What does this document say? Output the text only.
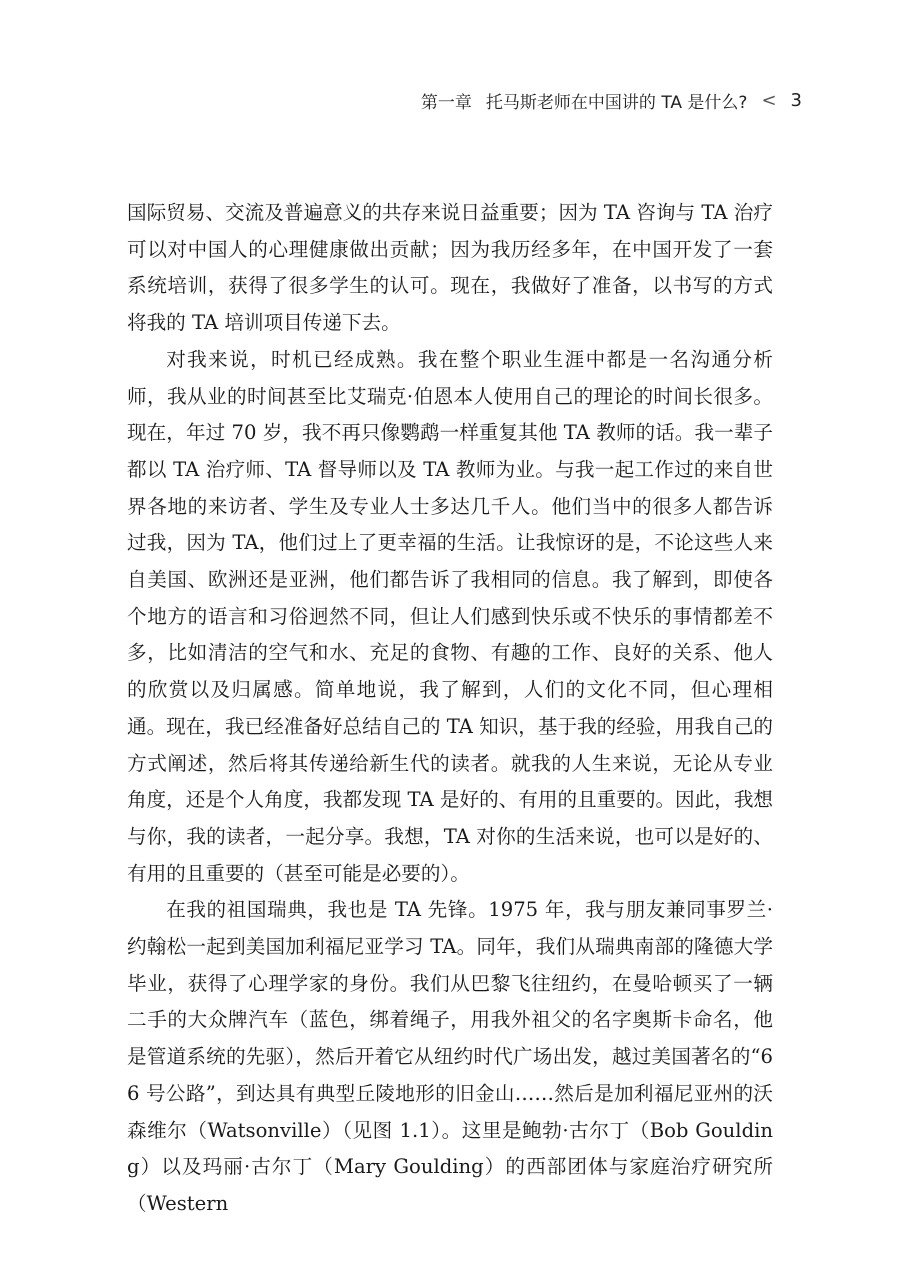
第一章 托马斯老师在中国讲的 TA 是什么? < 3

国际贸易、交流及普遍意义的共存来说日益重要；因为 TA 咨询与 TA 治疗可以对中国人的心理健康做出贡献；因为我历经多年，在中国开发了一套系统培训，获得了很多学生的认可。现在，我做好了准备，以书写的方式将我的 TA 培训项目传递下去。

对我来说，时机已经成熟。我在整个职业生涯中都是一名沟通分析师，我从业的时间甚至比艾瑞克·伯恩本人使用自己的理论的时间长很多。现在，年过 70 岁，我不再只像鹦鹉一样重复其他 TA 教师的话。我一辈子都以 TA 治疗师、TA 督导师以及 TA 教师为业。与我一起工作过的来自世界各地的来访者、学生及专业人士多达几千人。他们当中的很多人都告诉过我，因为 TA，他们过上了更幸福的生活。让我惊讶的是，不论这些人来自美国、欧洲还是亚洲，他们都告诉了我相同的信息。我了解到，即使各个地方的语言和习俗迥然不同，但让人们感到快乐或不快乐的事情都差不多，比如清洁的空气和水、充足的食物、有趣的工作、良好的关系、他人的欣赏以及归属感。简单地说，我了解到，人们的文化不同，但心理相通。现在，我已经准备好总结自己的 TA 知识，基于我的经验，用我自己的方式阐述，然后将其传递给新生代的读者。就我的人生来说，无论从专业角度，还是个人角度，我都发现 TA 是好的、有用的且重要的。因此，我想与你，我的读者，一起分享。我想，TA 对你的生活来说，也可以是好的、有用的且重要的（甚至可能是必要的）。

在我的祖国瑞典，我也是 TA 先锋。1975 年，我与朋友兼同事罗兰·约翰松一起到美国加利福尼亚学习 TA。同年，我们从瑞典南部的隆德大学毕业，获得了心理学家的身份。我们从巴黎飞往纽约，在曼哈顿买了一辆二手的大众牌汽车（蓝色，绑着绳子，用我外祖父的名字奥斯卡命名，他是管道系统的先驱），然后开着它从纽约时代广场出发，越过美国著名的“66 号公路”，到达具有典型丘陵地形的旧金山……然后是加利福尼亚州的沃森维尔（Watsonville）（见图 1.1）。这里是鲍勃·古尔丁（Bob Goulding）以及玛丽·古尔丁（Mary Goulding）的西部团体与家庭治疗研究所（Western
